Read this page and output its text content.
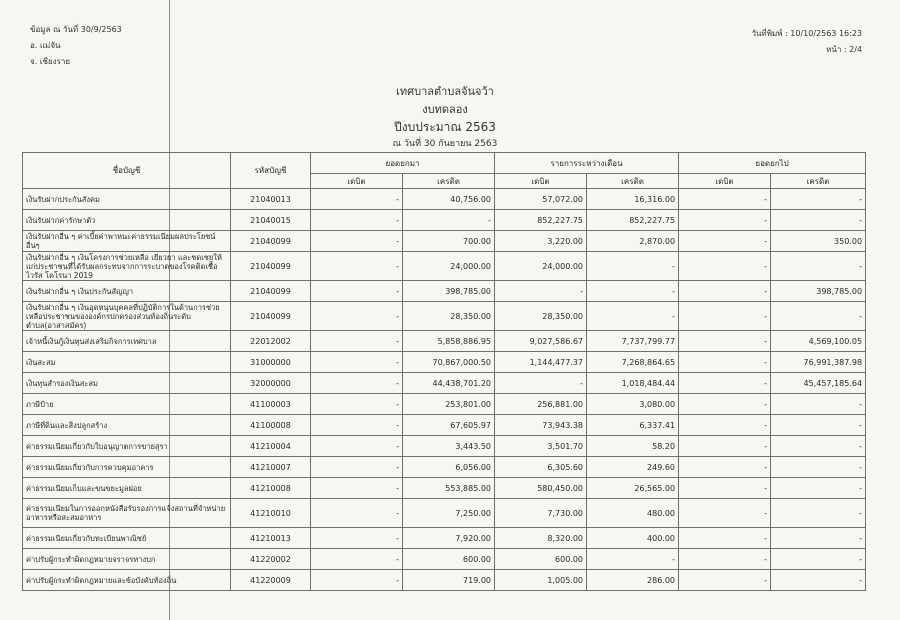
ข้อมูล ณ วันที่ 30/9/2563
อ. แม่จัน
จ. เชียงราย
วันที่พิมพ์ : 10/10/2563 16:23
หน้า : 2/4
เทศบาลตำบลจันจว้า
งบทดลอง
ปีงบประมาณ 2563
ณ วันที่ 30 กันยายน 2563
ชื่อบัญชี	รหัสบัญชี	ยอดยกมา		รายการระหว่างเดือน		ยอดยกไป	
		เดบิต	เครดิต	เดบิต	เครดิต	เดบิต	เครดิต
เงินรับฝากประกันสังคม	21040013	-	40,756.00	57,072.00	16,316.00	-	-
เงินรับฝากค่ารักษาตัว	21040015	-	-	852,227.75	852,227.75	-	-
เงินรับฝากอื่น ๆ ค่าเบี้ยค่าพาหนะค่าธรรมเนียมผลประโยชน์อื่นๆ	21040099	-	700.00	3,220.00	2,870.00	-	350.00
เงินรับฝากอื่น ๆ เงินโครงการช่วยเหลือ เยียวยา และชดเชยให้แก่ประชาชนที่ได้รับผลกระทบจากการระบาดของโรคติดเชื้อไวรัส โคโรนา 2019	21040099	-	24,000.00	24,000.00	-	-	-
เงินรับฝากอื่น ๆ เงินประกันสัญญา	21040099	-	398,785.00	-	-	-	398,785.00
เงินรับฝากอื่น ๆ เงินอุดหนุนบุคคลที่ปฏิบัติการในด้านการช่วยเหลือประชาชนขององค์กรปกครองส่วนท้องถิ่นระดับตำบล(อาสาสมัคร)	21040099	-	28,350.00	28,350.00	-	-	-
เจ้าหนี้เงินกู้เงินทุนส่งเสริมกิจการเทศบาล	22012002	-	5,858,886.95	9,027,586.67	7,737,799.77	-	4,569,100.05
เงินสะสม	31000000	-	70,867,000.50	1,144,477.37	7,268,864.65	-	76,991,387.98
เงินทุนสำรองเงินสะสม	32000000	-	44,438,701.20	-	1,018,484.44	-	45,457,185.64
ภาษีป้าย	41100003	-	253,801.00	256,881.00	3,080.00	-	-
ภาษีที่ดินและสิ่งปลูกสร้าง	41100008	-	67,605.97	73,943.38	6,337.41	-	-
ค่าธรรมเนียมเกี่ยวกับใบอนุญาตการขายสุรา	41210004	-	3,443.50	3,501.70	58.20	-	-
ค่าธรรมเนียมเกี่ยวกับการควบคุมอาคาร	41210007	-	6,056.00	6,305.60	249.60	-	-
ค่าธรรมเนียมเก็บและขนขยะมูลฝอย	41210008	-	553,885.00	580,450.00	26,565.00	-	-
ค่าธรรมเนียมในการออกหนังสือรับรองการแจ้งสถานที่จำหน่ายอาหารหรือสะสมอาหาร	41210010	-	7,250.00	7,730.00	480.00	-	-
ค่าธรรมเนียมเกี่ยวกับทะเบียนพาณิชย์	41210013	-	7,920.00	8,320.00	400.00	-	-
ค่าปรับผู้กระทำผิดกฎหมายจราจรทางบก	41220002	-	600.00	600.00	-	-	-
ค่าปรับผู้กระทำผิดกฎหมายและข้อบังคับท้องถิ่น	41220009	-	719.00	1,005.00	286.00	-	-
